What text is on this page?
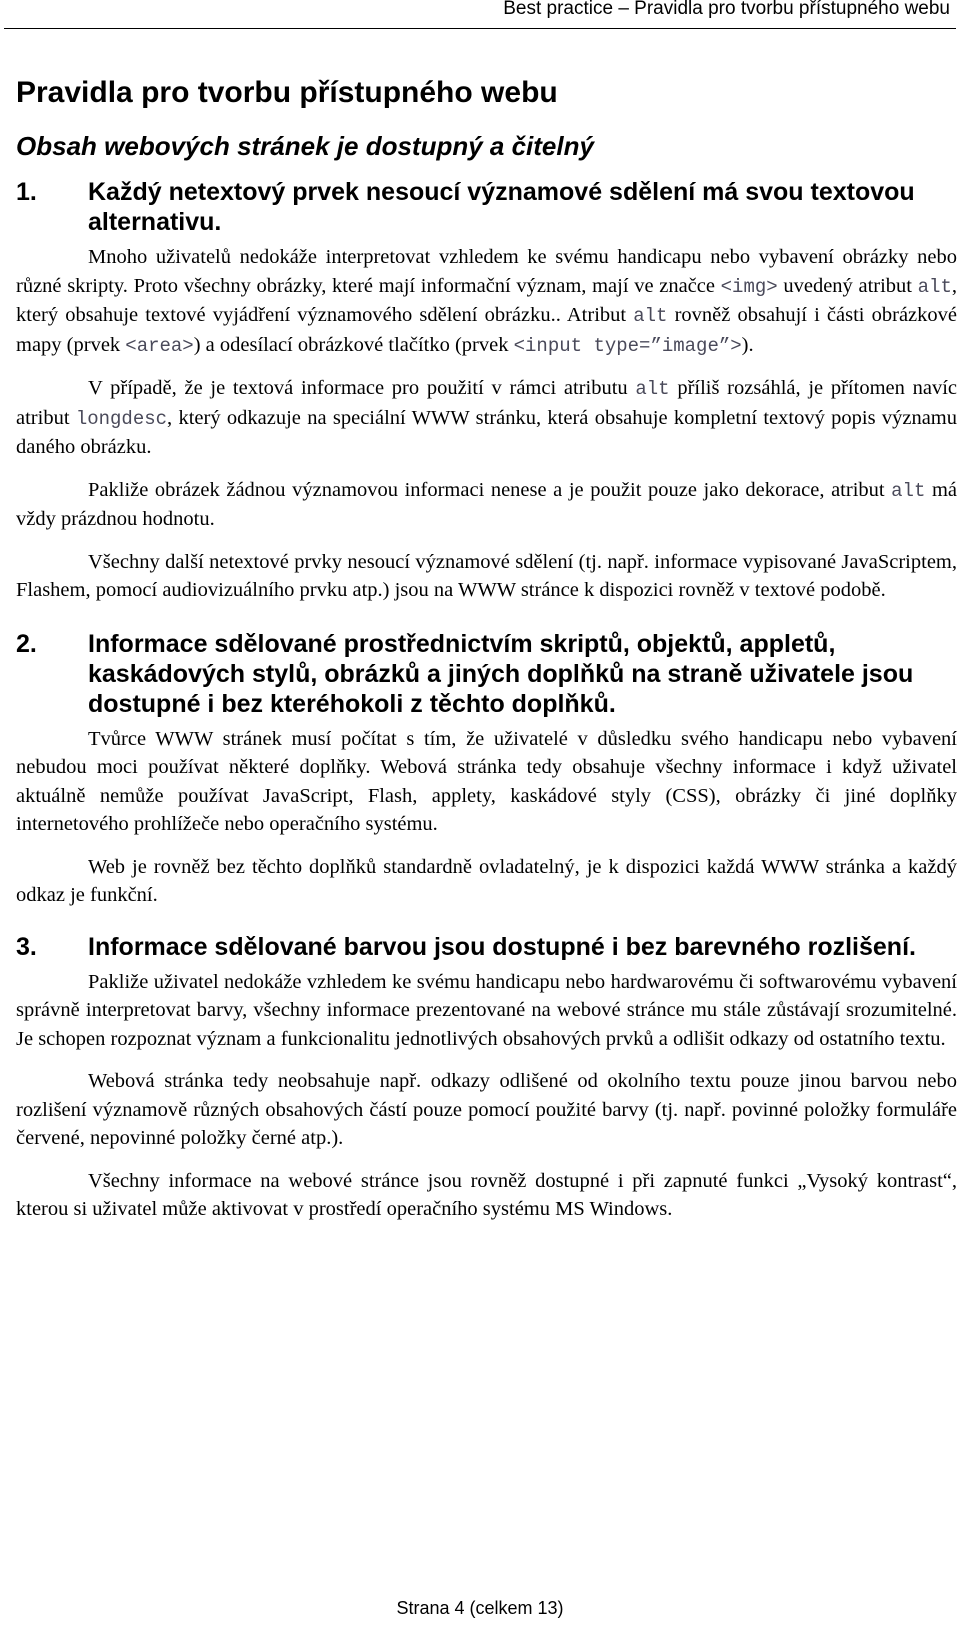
Best practice – Pravidla pro tvorbu přístupného webu
Pravidla pro tvorbu přístupného webu
Obsah webových stránek je dostupný a čitelný
1.	Každý netextový prvek nesoucí významové sdělení má svou textovou alternativu.

Mnoho uživatelů nedokáže interpretovat vzhledem ke svému handicapu nebo vybavení obrázky nebo různé skripty. Proto všechny obrázky, které mají informační význam, mají ve značce <img> uvedený atribut alt, který obsahuje textové vyjádření významového sdělení obrázku.. Atribut alt rovněž obsahují i části obrázkové mapy (prvek <area>) a odesílací obrázkové tlačítko (prvek <input type=”image”>).

V případě, že je textová informace pro použití v rámci atributu alt příliš rozsáhlá, je přítomen navíc atribut longdesc, který odkazuje na speciální WWW stránku, která obsahuje kompletní textový popis významu daného obrázku.

Pakliže obrázek žádnou významovou informaci nenese a je použit pouze jako dekorace, atribut alt má vždy prázdnou hodnotu.

Všechny další netextové prvky nesoucí významové sdělení (tj. např. informace vypisované JavaScriptem, Flashem, pomocí audiovizuálního prvku atp.) jsou na WWW stránce k dispozici rovněž v textové podobě.

2.	Informace sdělované prostřednictvím skriptů, objektů, appletů, kaskádových stylů, obrázků a jiných doplňků na straně uživatele jsou dostupné i bez kteréhokoli z těchto doplňků.

Tvůrce WWW stránek musí počítat s tím, že uživatelé v důsledku svého handicapu nebo vybavení nebudou moci používat některé doplňky. Webová stránka tedy obsahuje všechny informace i když uživatel aktuálně nemůže používat JavaScript, Flash, applety, kaskádové styly (CSS), obrázky či jiné doplňky internetového prohlížeče nebo operačního systému.

Web je rovněž bez těchto doplňků standardně ovladatelný, je k dispozici každá WWW stránka a každý odkaz je funkční.

3.	Informace sdělované barvou jsou dostupné i bez barevného rozlišení.

Pakliže uživatel nedokáže vzhledem ke svému handicapu nebo hardwarovému či softwarovému vybavení správně interpretovat barvy, všechny informace prezentované na webové stránce mu stále zůstávají srozumitelné. Je schopen rozpoznat význam a funkcionalitu jednotlivých obsahových prvků a odlišit odkazy od ostatního textu.

Webová stránka tedy neobsahuje např. odkazy odlišené od okolního textu pouze jinou barvou nebo rozlišení významově různých obsahových částí pouze pomocí použité barvy (tj. např. povinné položky formuláře červené, nepovinné položky černé atp.).

Všechny informace na webové stránce jsou rovněž dostupné i při zapnuté funkci „Vysoký kontrast“, kterou si uživatel může aktivovat v prostředí operačního systému MS Windows.

Strana 4 (celkem 13)
